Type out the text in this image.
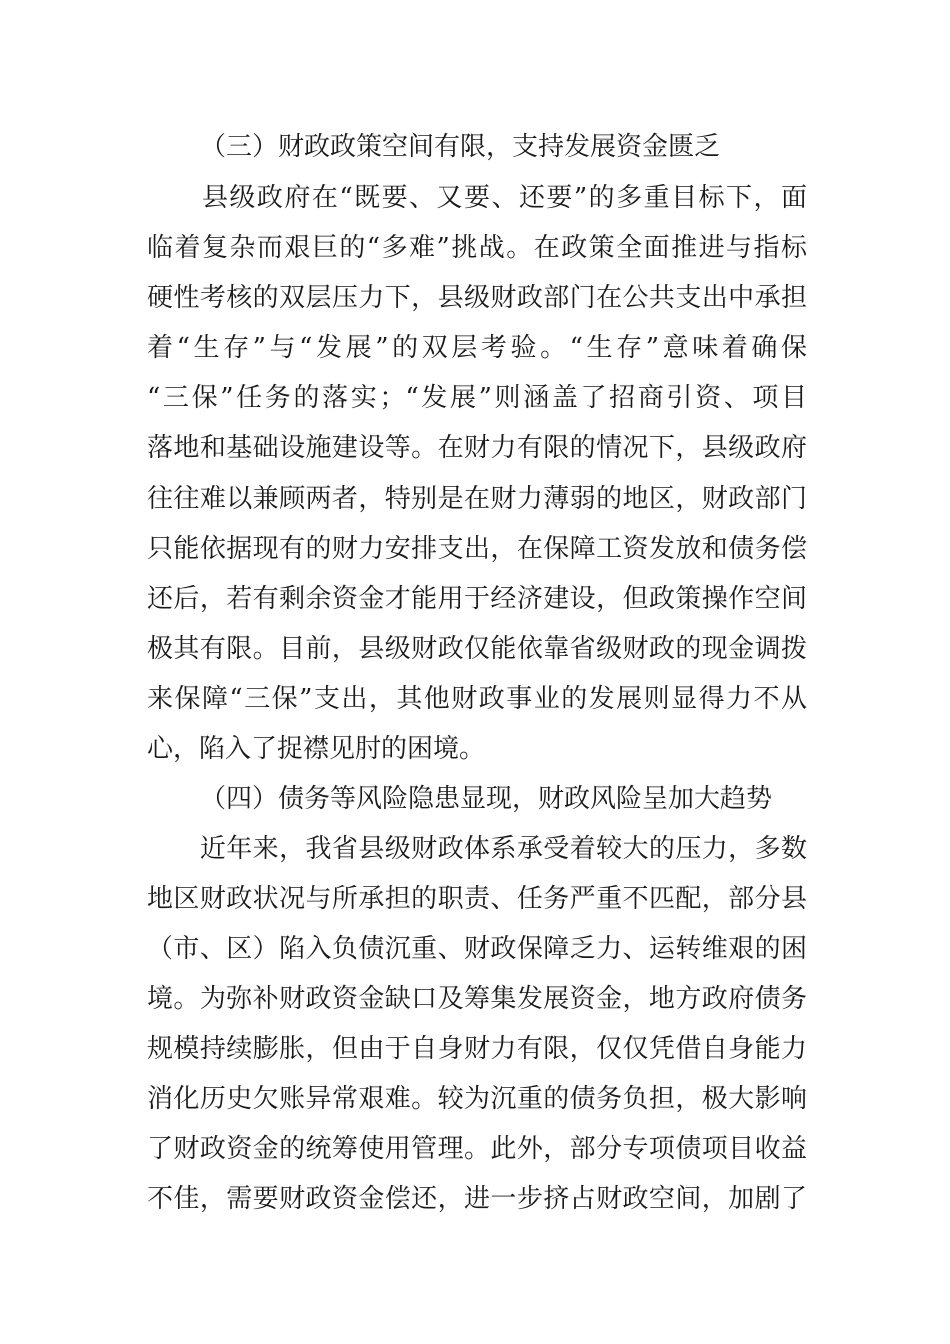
（三）财政政策空间有限，支持发展资金匮乏
　　县级政府在“既要、又要、还要”的多重目标下，面
临着复杂而艰巨的“多难”挑战。在政策全面推进与指标
硬性考核的双层压力下，县级财政部门在公共支出中承担
着“生存”与“发展”的双层考验。“生存”意味着确保
“三保”任务的落实；“发展”则涵盖了招商引资、项目
落地和基础设施建设等。在财力有限的情况下，县级政府
往往难以兼顾两者，特别是在财力薄弱的地区，财政部门
只能依据现有的财力安排支出，在保障工资发放和债务偿
还后，若有剩余资金才能用于经济建设，但政策操作空间
极其有限。目前，县级财政仅能依靠省级财政的现金调拨
来保障“三保”支出，其他财政事业的发展则显得力不从
心，陷入了捉襟见肘的困境。
（四）债务等风险隐患显现，财政风险呈加大趋势
　　近年来，我省县级财政体系承受着较大的压力，多数
地区财政状况与所承担的职责、任务严重不匹配，部分县
（市、区）陷入负债沉重、财政保障乏力、运转维艰的困
境。为弥补财政资金缺口及筹集发展资金，地方政府债务
规模持续膨胀，但由于自身财力有限，仅仅凭借自身能力
消化历史欠账异常艰难。较为沉重的债务负担，极大影响
了财政资金的统筹使用管理。此外，部分专项债项目收益
不佳，需要财政资金偿还，进一步挤占财政空间，加剧了
